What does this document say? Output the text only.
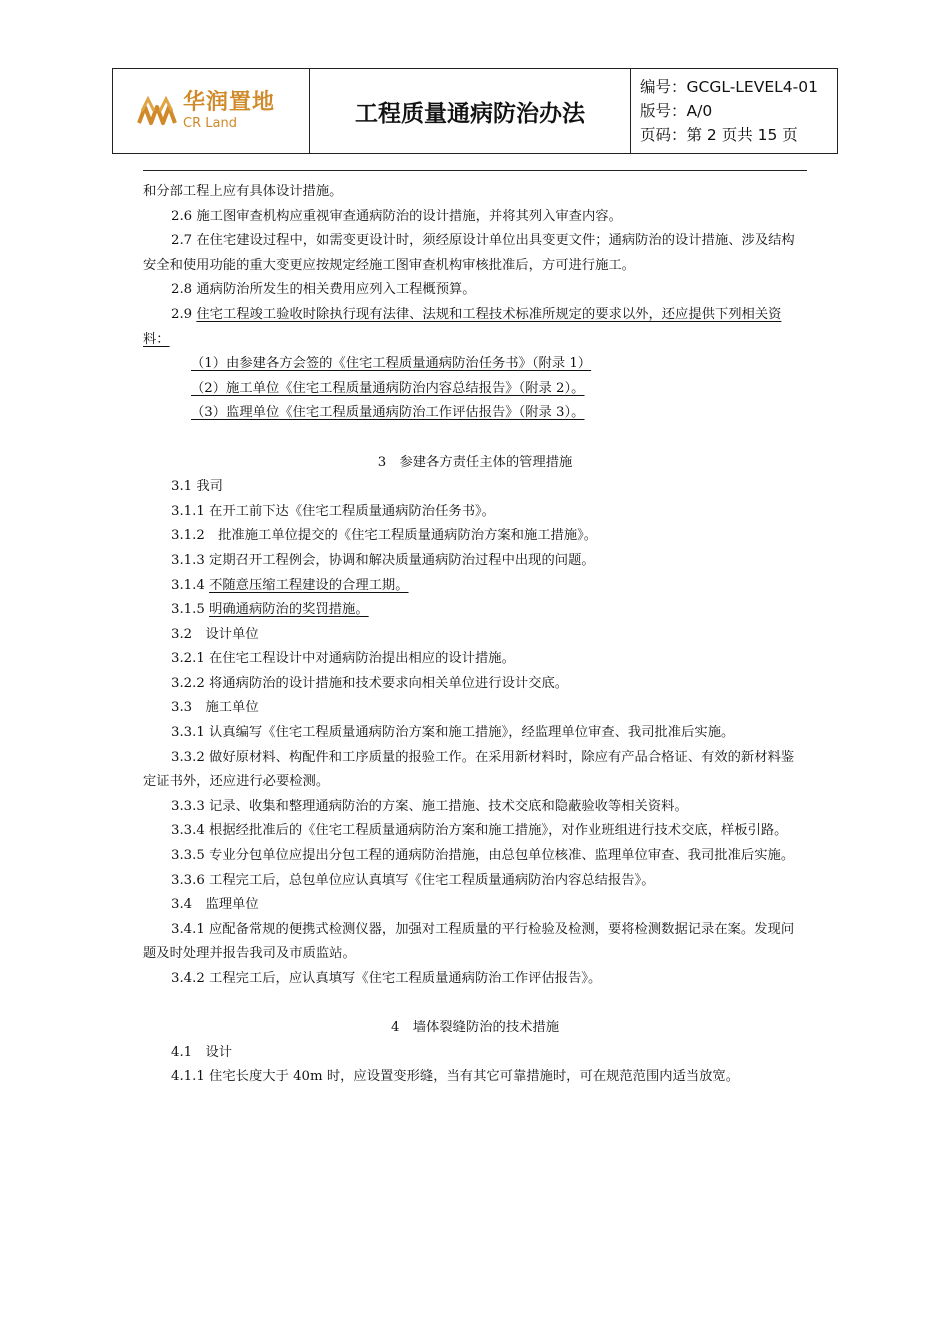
华润置地
CR Land	工程质量通病防治办法
编号：GCGL-LEVEL4-01
版号：A/0
页码：第 2 页共 15 页

和分部工程上应有具体设计措施。

2.6 施工图审查机构应重视审查通病防治的设计措施，并将其列入审查内容。

2.7 在住宅建设过程中，如需变更设计时，须经原设计单位出具变更文件；通病防治的设计措施、涉及结构安全和使用功能的重大变更应按规定经施工图审查机构审核批准后，方可进行施工。

2.8 通病防治所发生的相关费用应列入工程概预算。

2.9 住宅工程竣工验收时除执行现有法律、法规和工程技术标准所规定的要求以外，还应提供下列相关资料：

（1）由参建各方会签的《住宅工程质量通病防治任务书》（附录 1）

（2）施工单位《住宅工程质量通病防治内容总结报告》（附录 2）。

（3）监理单位《住宅工程质量通病防治工作评估报告》（附录 3）。

3　参建各方责任主体的管理措施

3.1 我司

3.1.1 在开工前下达《住宅工程质量通病防治任务书》。

3.1.2　批准施工单位提交的《住宅工程质量通病防治方案和施工措施》。

3.1.3 定期召开工程例会，协调和解决质量通病防治过程中出现的问题。

3.1.4 不随意压缩工程建设的合理工期。

3.1.5 明确通病防治的奖罚措施。

3.2　设计单位

3.2.1 在住宅工程设计中对通病防治提出相应的设计措施。

3.2.2 将通病防治的设计措施和技术要求向相关单位进行设计交底。

3.3　施工单位

3.3.1 认真编写《住宅工程质量通病防治方案和施工措施》，经监理单位审查、我司批准后实施。

3.3.2 做好原材料、构配件和工序质量的报验工作。在采用新材料时，除应有产品合格证、有效的新材料鉴定证书外，还应进行必要检测。

3.3.3 记录、收集和整理通病防治的方案、施工措施、技术交底和隐蔽验收等相关资料。

3.3.4 根据经批准后的《住宅工程质量通病防治方案和施工措施》，对作业班组进行技术交底，样板引路。

3.3.5 专业分包单位应提出分包工程的通病防治措施，由总包单位核准、监理单位审查、我司批准后实施。

3.3.6 工程完工后，总包单位应认真填写《住宅工程质量通病防治内容总结报告》。

3.4　监理单位

3.4.1 应配备常规的便携式检测仪器，加强对工程质量的平行检验及检测，要将检测数据记录在案。发现问题及时处理并报告我司及市质监站。

3.4.2 工程完工后，应认真填写《住宅工程质量通病防治工作评估报告》。

4　墙体裂缝防治的技术措施

4.1　设计

4.1.1 住宅长度大于 40m 时，应设置变形缝，当有其它可靠措施时，可在规范范围内适当放宽。
